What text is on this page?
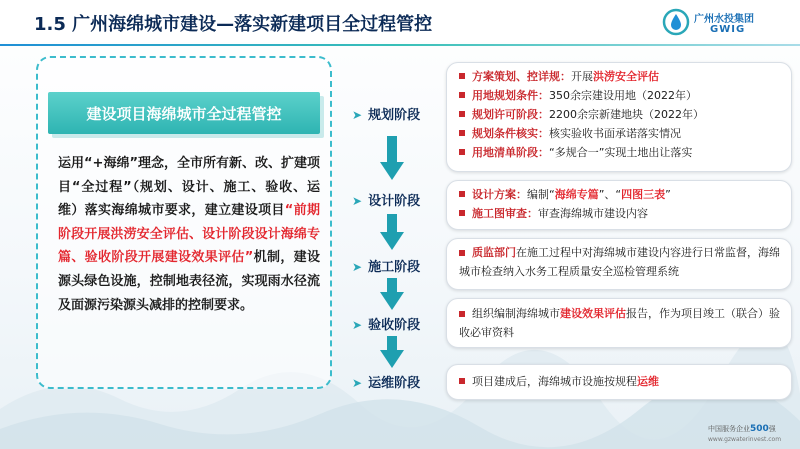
1.5 广州海绵城市建设—落实新建项目全过程管控	广州水投集团
GWIG
建设项目海绵城市全过程管控
运用“+海绵”理念，全市所有新、改、扩建项目“全过程”（规划、设计、施工、验收、运维）落实海绵城市要求，建立建设项目“前期阶段开展洪涝安全评估、设计阶段设计海绵专篇、验收阶段开展建设效果评估”机制，建设源头绿色设施，控制地表径流，实现雨水径流及面源污染源头减排的控制要求。
➤ 规划阶段
➤ 设计阶段
➤ 施工阶段
➤ 验收阶段
➤ 运维阶段
方案策划、控详规： 开展 洪涝安全评估
用地规划条件： 350余宗建设用地（2022年）
规划许可阶段： 2200余宗新建地块（2022年）
规划条件核实： 核实验收书面承诺落实情况
用地清单阶段： “多规合一”实现土地出让落实
设计方案： 编制“ 海绵专篇 ”、“ 四图三表 ”
施工图审查： 审查海绵城市建设内容
质监部门在施工过程中对海绵城市建设内容进行日常监督，海绵城市检查纳入水务工程质量安全巡检管理系统
组织编制海绵城市建设效果评估报告，作为项目竣工（联合）验收必审资料
项目建成后，海绵城市设施按规程 运维
中国服务企业500强
www.gzwaterinvest.com
